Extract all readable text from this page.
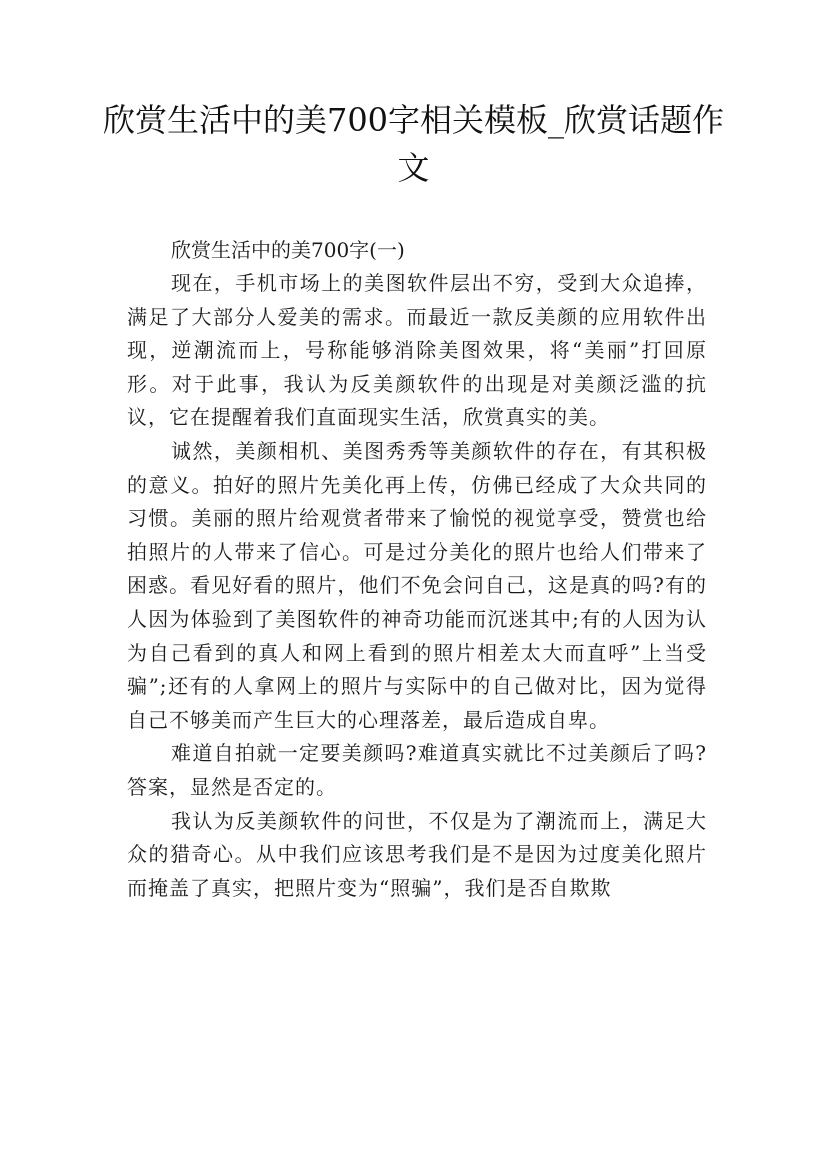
欣赏生活中的美700字相关模板_欣赏话题作文

欣赏生活中的美700字(一)

现在，手机市场上的美图软件层出不穷，受到大众追捧，满足了大部分人爱美的需求。而最近一款反美颜的应用软件出现，逆潮流而上，号称能够消除美图效果，将“美丽”打回原形。对于此事，我认为反美颜软件的出现是对美颜泛滥的抗议，它在提醒着我们直面现实生活，欣赏真实的美。

诚然，美颜相机、美图秀秀等美颜软件的存在，有其积极的意义。拍好的照片先美化再上传，仿佛已经成了大众共同的习惯。美丽的照片给观赏者带来了愉悦的视觉享受，赞赏也给拍照片的人带来了信心。可是过分美化的照片也给人们带来了困惑。看见好看的照片，他们不免会问自己，这是真的吗?有的人因为体验到了美图软件的神奇功能而沉迷其中;有的人因为认为自己看到的真人和网上看到的照片相差太大而直呼”上当受骗”;还有的人拿网上的照片与实际中的自己做对比，因为觉得自己不够美而产生巨大的心理落差，最后造成自卑。

难道自拍就一定要美颜吗?难道真实就比不过美颜后了吗?答案，显然是否定的。

我认为反美颜软件的问世，不仅是为了潮流而上，满足大众的猎奇心。从中我们应该思考我们是不是因为过度美化照片而掩盖了真实，把照片变为“照骗”，我们是否自欺欺
